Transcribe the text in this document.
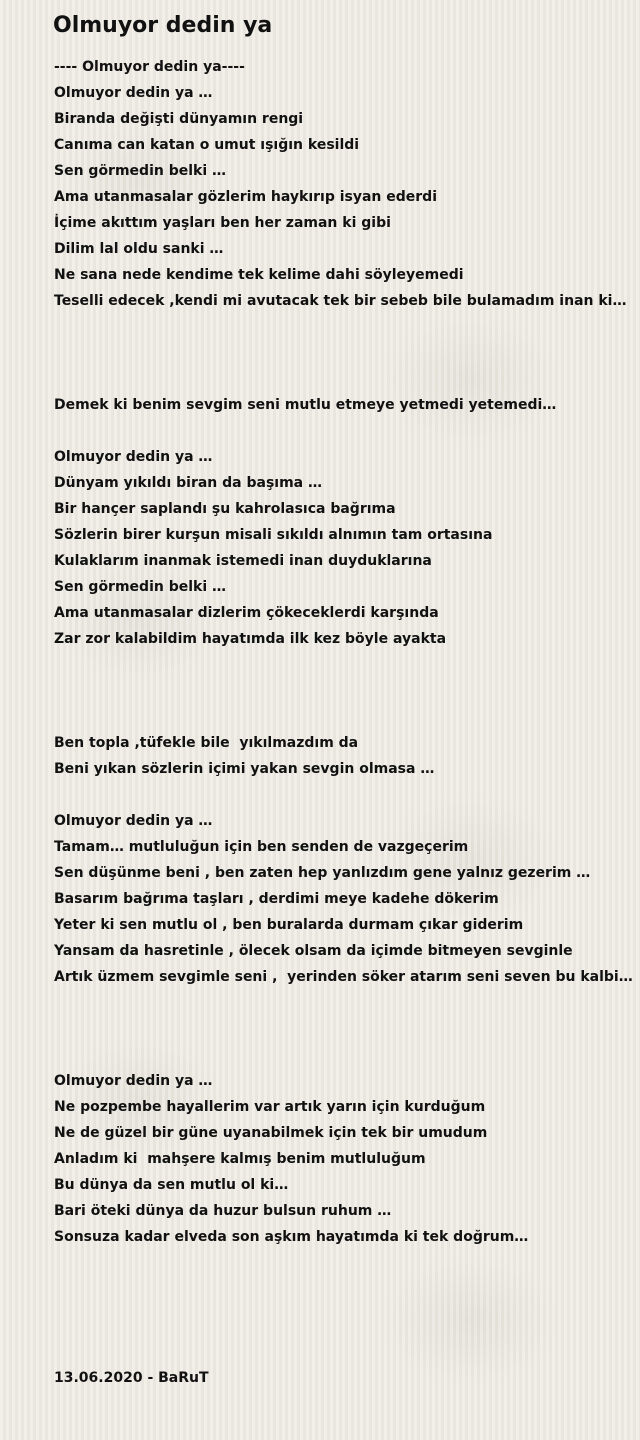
Olmuyor dedin ya
---- Olmuyor dedin ya----
Olmuyor dedin ya …
Biranda değişti dünyamın rengi
Canıma can katan o umut ışığın kesildi
Sen görmedin belki …
Ama utanmasalar gözlerim haykırıp isyan ederdi
İçime akıttım yaşları ben her zaman ki gibi
Dilim lal oldu sanki …
Ne sana nede kendime tek kelime dahi söyleyemedi
Teselli edecek ,kendi mi avutacak tek bir sebeb bile bulamadım inan ki…
Demek ki benim sevgim seni mutlu etmeye yetmedi yetemedi…
Olmuyor dedin ya …
Dünyam yıkıldı biran da başıma …
Bir hançer saplandı şu kahrolasıca bağrıma
Sözlerin birer kurşun misali sıkıldı alnımın tam ortasına
Kulaklarım inanmak istemedi inan duyduklarına
Sen görmedin belki …
Ama utanmasalar dizlerim çökeceklerdi karşında
Zar zor kalabildim hayatımda ilk kez böyle ayakta
Ben topla ,tüfekle bile  yıkılmazdım da
Beni yıkan sözlerin içimi yakan sevgin olmasa …
Olmuyor dedin ya …
Tamam… mutluluğun için ben senden de vazgeçerim
Sen düşünme beni , ben zaten hep yanlızdım gene yalnız gezerim …
Basarım bağrıma taşları , derdimi meye kadehe dökerim
Yeter ki sen mutlu ol , ben buralarda durmam çıkar giderim
Yansam da hasretinle , ölecek olsam da içimde bitmeyen sevginle
Artık üzmem sevgimle seni ,  yerinden söker atarım seni seven bu kalbi…
Olmuyor dedin ya …
Ne pozpembe hayallerim var artık yarın için kurduğum
Ne de güzel bir güne uyanabilmek için tek bir umudum
Anladım ki  mahşere kalmış benim mutluluğum
Bu dünya da sen mutlu ol ki…
Bari öteki dünya da huzur bulsun ruhum …
Sonsuza kadar elveda son aşkım hayatımda ki tek doğrum…
13.06.2020 - BaRuT
